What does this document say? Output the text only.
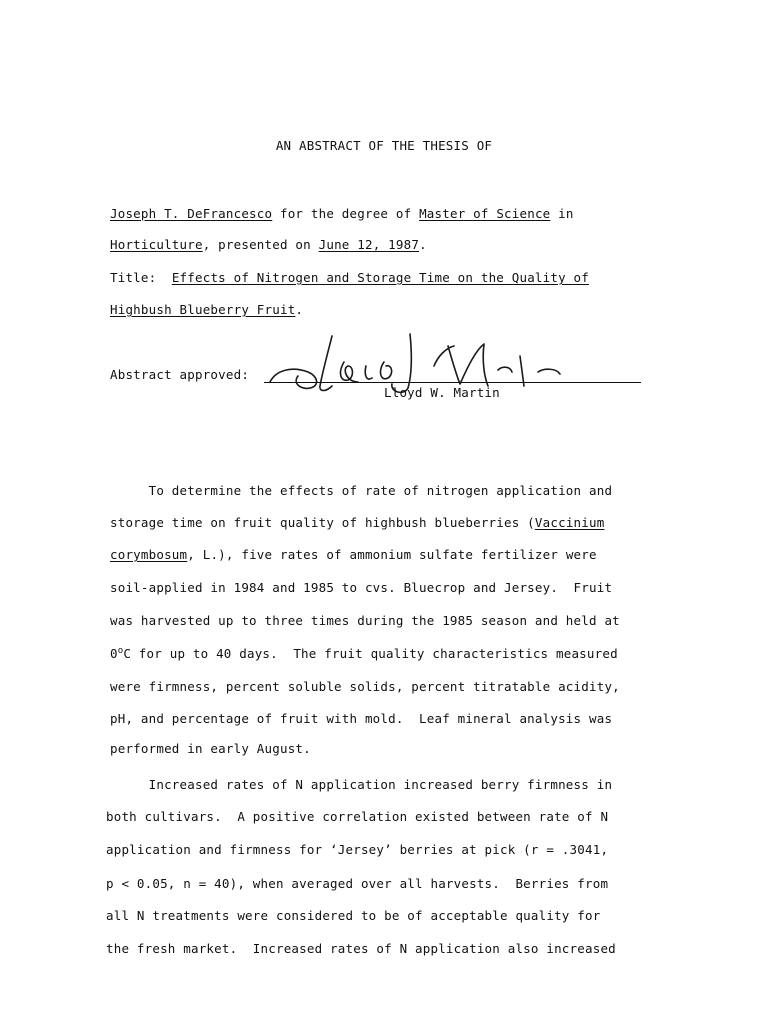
AN ABSTRACT OF THE THESIS OF
Joseph T. DeFrancesco for the degree of Master of Science in
Horticulture, presented on June 12, 1987.
Title: Effects of Nitrogen and Storage Time on the Quality of
Highbush Blueberry Fruit.
Abstract approved:
Lloyd W. Martin
To determine the effects of rate of nitrogen application and
storage time on fruit quality of highbush blueberries (Vaccinium
corymbosum, L.), five rates of ammonium sulfate fertilizer were
soil-applied in 1984 and 1985 to cvs. Bluecrop and Jersey.  Fruit
was harvested up to three times during the 1985 season and held at
0$^o$C for up to 40 days.  The fruit quality characteristics measured
were firmness, percent soluble solids, percent titratable acidity,
pH, and percentage of fruit with mold.  Leaf mineral analysis was
performed in early August.
Increased rates of N application increased berry firmness in
both cultivars.  A positive correlation existed between rate of N
application and firmness for ‘Jersey’ berries at pick (r = .3041,
p < 0.05, n = 40), when averaged over all harvests.  Berries from
all N treatments were considered to be of acceptable quality for
the fresh market.  Increased rates of N application also increased
